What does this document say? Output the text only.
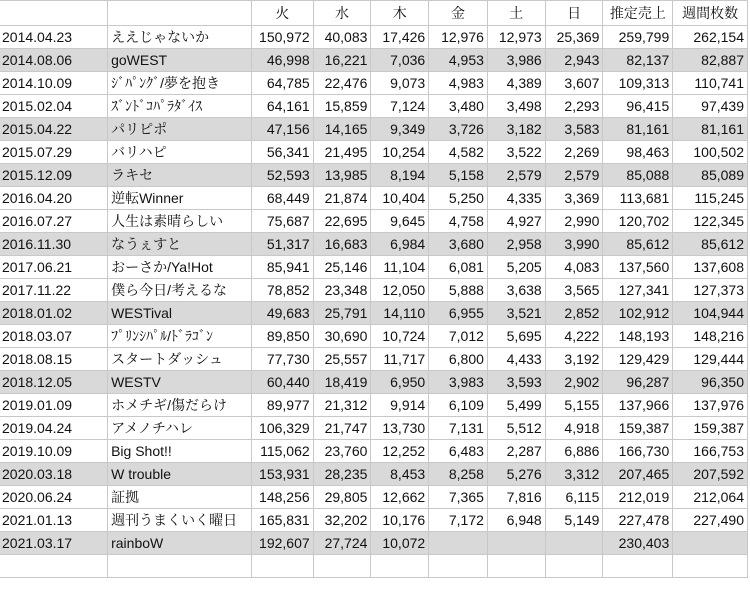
		火	水	木	金	土	日	推定売上	週間枚数
2014.04.23	ええじゃないか	150,972	40,083	17,426	12,976	12,973	25,369	259,799	262,154
2014.08.06	goWEST	46,998	16,221	7,036	4,953	3,986	2,943	82,137	82,887
2014.10.09	ｼﾞﾊﾟﾝｸﾞ/夢を抱き	64,785	22,476	9,073	4,983	4,389	3,607	109,313	110,741
2015.02.04	ｽﾞﾝﾄﾞｺﾊﾟﾗﾀﾞｲｽ	64,161	15,859	7,124	3,480	3,498	2,293	96,415	97,439
2015.04.22	パリピポ	47,156	14,165	9,349	3,726	3,182	3,583	81,161	81,161
2015.07.29	バリハピ	56,341	21,495	10,254	4,582	3,522	2,269	98,463	100,502
2015.12.09	ラキセ	52,593	13,985	8,194	5,158	2,579	2,579	85,088	85,089
2016.04.20	逆転Winner	68,449	21,874	10,404	5,250	4,335	3,369	113,681	115,245
2016.07.27	人生は素晴らしい	75,687	22,695	9,645	4,758	4,927	2,990	120,702	122,345
2016.11.30	なうぇすと	51,317	16,683	6,984	3,680	2,958	3,990	85,612	85,612
2017.06.21	おーさか/Ya!Hot	85,941	25,146	11,104	6,081	5,205	4,083	137,560	137,608
2017.11.22	僕ら今日/考えるな	78,852	23,348	12,050	5,888	3,638	3,565	127,341	127,373
2018.01.02	WESTival	49,683	25,791	14,110	6,955	3,521	2,852	102,912	104,944
2018.03.07	ﾌﾟﾘﾝｼﾊﾟﾙ/ﾄﾞﾗｺﾞﾝ	89,850	30,690	10,724	7,012	5,695	4,222	148,193	148,216
2018.08.15	スタートダッシュ	77,730	25,557	11,717	6,800	4,433	3,192	129,429	129,444
2018.12.05	WESTV	60,440	18,419	6,950	3,983	3,593	2,902	96,287	96,350
2019.01.09	ホメチギ/傷だらけ	89,977	21,312	9,914	6,109	5,499	5,155	137,966	137,976
2019.04.24	アメノチハレ	106,329	21,747	13,730	7,131	5,512	4,918	159,387	159,387
2019.10.09	Big Shot!!	115,062	23,760	12,252	6,483	2,287	6,886	166,730	166,753
2020.03.18	W trouble	153,931	28,235	8,453	8,258	5,276	3,312	207,465	207,592
2020.06.24	証拠	148,256	29,805	12,662	7,365	7,816	6,115	212,019	212,064
2021.01.13	週刊うまくいく曜日	165,831	32,202	10,176	7,172	6,948	5,149	227,478	227,490
2021.03.17	rainboW	192,607	27,724	10,072				230,403	
